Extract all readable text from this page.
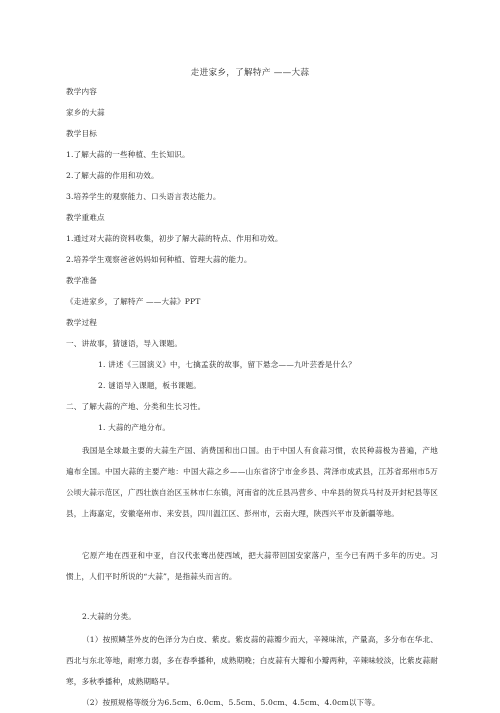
走进家乡，了解特产 ——大蒜
教学内容
家乡的大蒜
教学目标
1.了解大蒜的一些种植、生长知识。
2.了解大蒜的作用和功效。
3.培养学生的观察能力、口头语言表达能力。
教学重难点
1.通过对大蒜的资料收集，初步了解大蒜的特点、作用和功效。
2.培养学生观察爸爸妈妈如何种植、管理大蒜的能力。
教学准备
《走进家乡，了解特产 ——大蒜》PPT
教学过程
一、讲故事，猜谜语，导入课题。
1. 讲述《三国演义》中，七擒孟获的故事，留下悬念——九叶芸香是什么？
2. 谜语导入课题，板书课题。
二、了解大蒜的产地、分类和生长习性。
1. 大蒜的产地分布。
我国是全球最主要的大蒜生产国、消费国和出口国。由于中国人有食蒜习惯，农民种蒜极为普遍，产地遍布全国。中国大蒜的主要产地：中国大蒜之乡——山东省济宁市金乡县、菏泽市成武县，江苏省邳州市5万公顷大蒜示范区，广西壮族自治区玉林市仁东镇，河南省的沈丘县冯营乡、中牟县的贺兵马村及开封杞县等区县，上海嘉定，安徽亳州市、来安县，四川温江区、彭州市，云南大理，陕西兴平市及新疆等地。
它原产地在西亚和中亚，自汉代张骞出使西域，把大蒜带回国安家落户，至今已有两千多年的历史。习惯上，人们平时所说的“大蒜”，是指蒜头而言的。
2.大蒜的分类。
（1）按照鳞茎外皮的色泽分为白皮、紫皮。紫皮蒜的蒜瓣少而大，辛辣味浓，产量高，多分布在华北、西北与东北等地，耐寒力弱，多在春季播种，成熟期晚；白皮蒜有大瓣和小瓣两种，辛辣味较淡，比紫皮蒜耐寒，多秋季播种，成熟期略早。
（2）按照规格等级分为6.5cm、6.0cm、5.5cm、5.0cm、4.5cm、4.0cm以下等。
